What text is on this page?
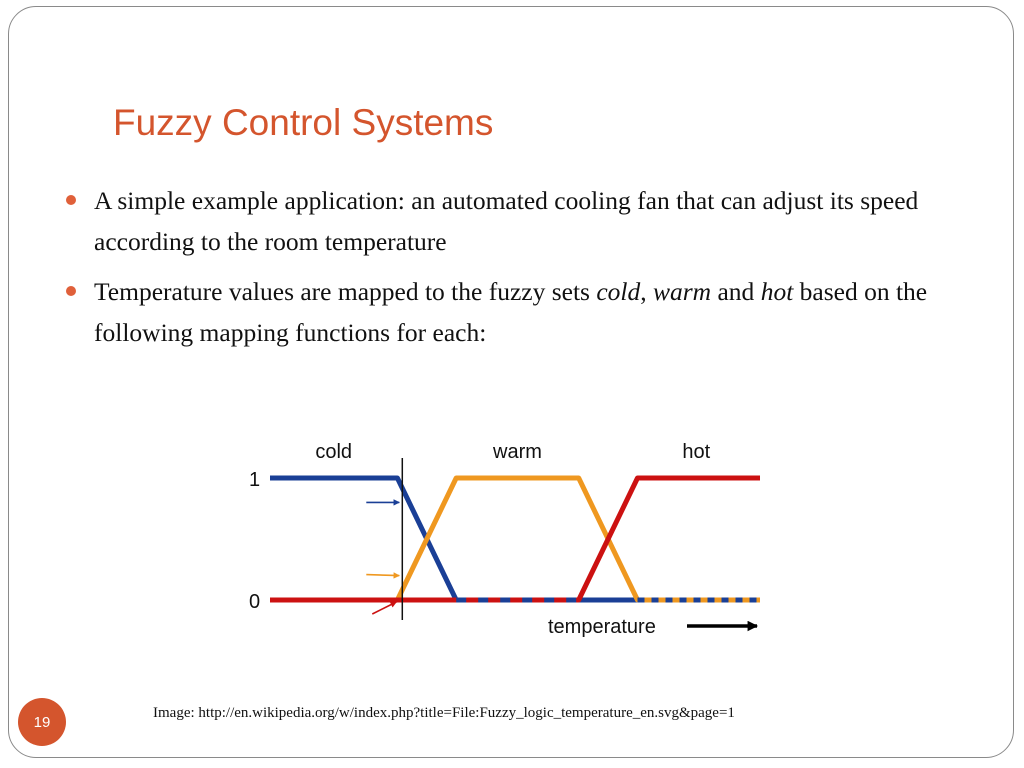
Fuzzy Control Systems
A simple example application: an automated cooling fan that can adjust its speed according to the room temperature
Temperature values are mapped to the fuzzy sets cold, warm and hot based on the following mapping functions for each:
1
0
cold	warm	hot
temperature
Image: http://en.wikipedia.org/w/index.php?title=File:Fuzzy_logic_temperature_en.svg&page=1
19
